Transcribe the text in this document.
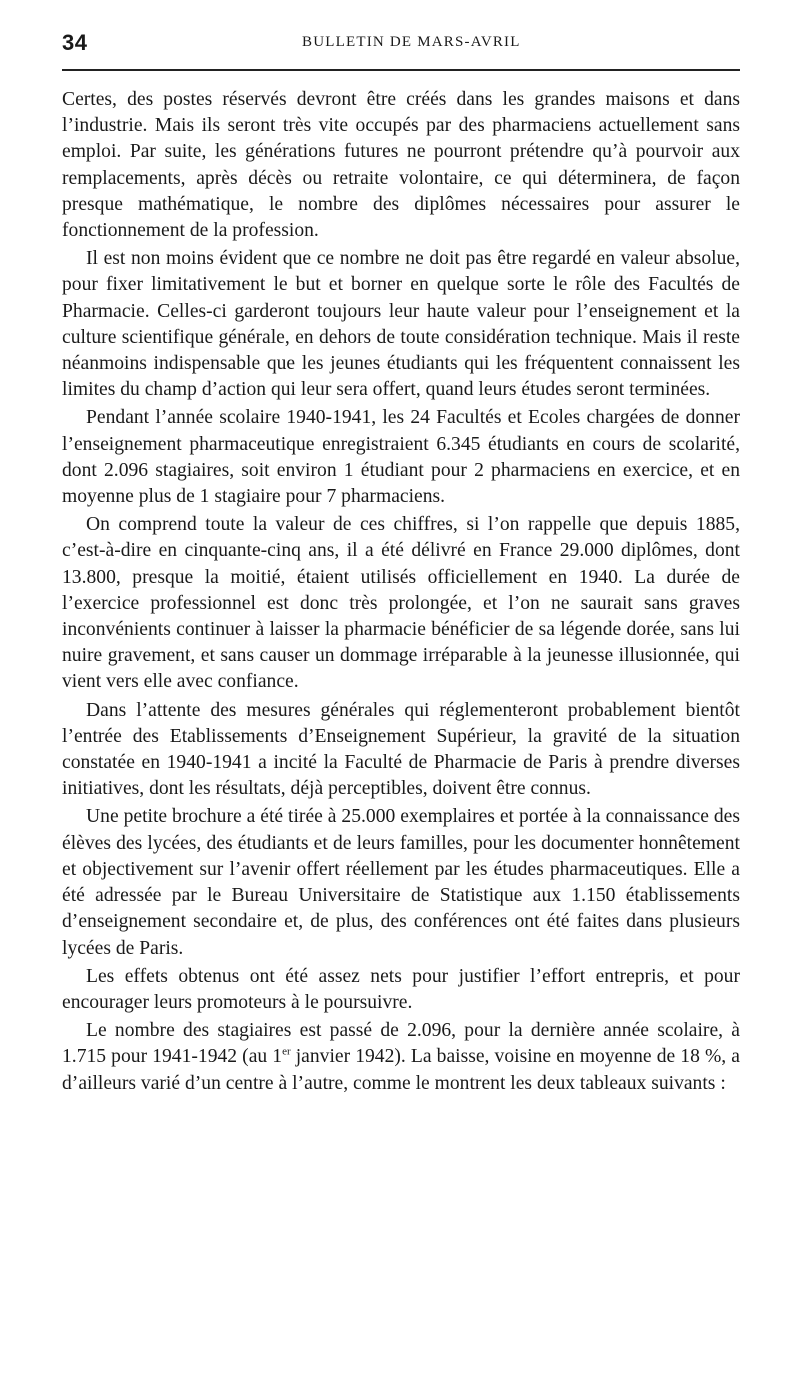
34	BULLETIN DE MARS-AVRIL

Certes, des postes réservés devront être créés dans les grandes maisons et dans l’industrie. Mais ils seront très vite occupés par des pharmaciens actuellement sans emploi. Par suite, les générations futures ne pourront prétendre qu’à pourvoir aux remplacements, après décès ou retraite volontaire, ce qui déterminera, de façon presque mathématique, le nombre des diplômes nécessaires pour assurer le fonctionnement de la profession.

Il est non moins évident que ce nombre ne doit pas être regardé en valeur absolue, pour fixer limitativement le but et borner en quelque sorte le rôle des Facultés de Pharmacie. Celles-ci garderont toujours leur haute valeur pour l’enseignement et la culture scientifique générale, en dehors de toute considération technique. Mais il reste néanmoins indispensable que les jeunes étudiants qui les fréquentent connaissent les limites du champ d’action qui leur sera offert, quand leurs études seront terminées.

Pendant l’année scolaire 1940-1941, les 24 Facultés et Ecoles chargées de donner l’enseignement pharmaceutique enregistraient 6.345 étudiants en cours de scolarité, dont 2.096 stagiaires, soit environ 1 étudiant pour 2 pharmaciens en exercice, et en moyenne plus de 1 stagiaire pour 7 pharmaciens.

On comprend toute la valeur de ces chiffres, si l’on rappelle que depuis 1885, c’est-à-dire en cinquante-cinq ans, il a été délivré en France 29.000 diplômes, dont 13.800, presque la moitié, étaient utilisés officiellement en 1940. La durée de l’exercice professionnel est donc très prolongée, et l’on ne saurait sans graves inconvénients continuer à laisser la pharmacie bénéficier de sa légende dorée, sans lui nuire gravement, et sans causer un dommage irréparable à la jeunesse illusionnée, qui vient vers elle avec confiance.

Dans l’attente des mesures générales qui réglementeront probablement bientôt l’entrée des Etablissements d’Enseignement Supérieur, la gravité de la situation constatée en 1940-1941 a incité la Faculté de Pharmacie de Paris à prendre diverses initiatives, dont les résultats, déjà perceptibles, doivent être connus.

Une petite brochure a été tirée à 25.000 exemplaires et portée à la connaissance des élèves des lycées, des étudiants et de leurs familles, pour les documenter honnêtement et objectivement sur l’avenir offert réellement par les études pharmaceutiques. Elle a été adressée par le Bureau Universitaire de Statistique aux 1.150 établissements d’enseignement secondaire et, de plus, des conférences ont été faites dans plusieurs lycées de Paris.

Les effets obtenus ont été assez nets pour justifier l’effort entrepris, et pour encourager leurs promoteurs à le poursuivre.

Le nombre des stagiaires est passé de 2.096, pour la dernière année scolaire, à 1.715 pour 1941-1942 (au 1er janvier 1942). La baisse, voisine en moyenne de 18 %, a d’ailleurs varié d’un centre à l’autre, comme le montrent les deux tableaux suivants :
